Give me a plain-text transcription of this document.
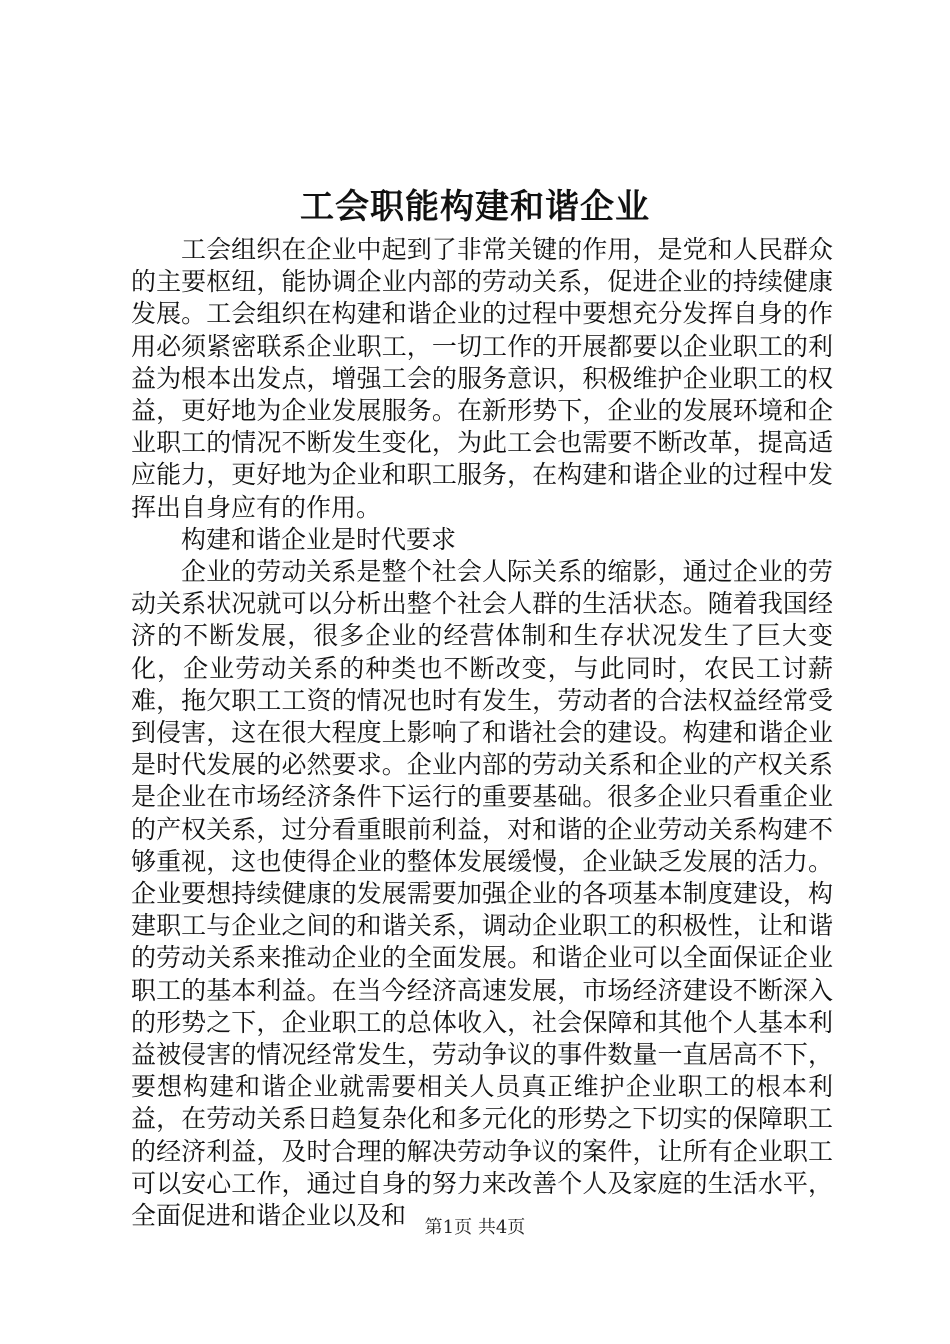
工会职能构建和谐企业

工会组织在企业中起到了非常关键的作用，是党和人民群众的主要枢纽，能协调企业内部的劳动关系，促进企业的持续健康发展。工会组织在构建和谐企业的过程中要想充分发挥自身的作用必须紧密联系企业职工，一切工作的开展都要以企业职工的利益为根本出发点，增强工会的服务意识，积极维护企业职工的权益，更好地为企业发展服务。在新形势下，企业的发展环境和企业职工的情况不断发生变化，为此工会也需要不断改革，提高适应能力，更好地为企业和职工服务，在构建和谐企业的过程中发挥出自身应有的作用。

构建和谐企业是时代要求

企业的劳动关系是整个社会人际关系的缩影，通过企业的劳动关系状况就可以分析出整个社会人群的生活状态。随着我国经济的不断发展，很多企业的经营体制和生存状况发生了巨大变化，企业劳动关系的种类也不断改变，与此同时，农民工讨薪难，拖欠职工工资的情况也时有发生，劳动者的合法权益经常受到侵害，这在很大程度上影响了和谐社会的建设。构建和谐企业是时代发展的必然要求。企业内部的劳动关系和企业的产权关系是企业在市场经济条件下运行的重要基础。很多企业只看重企业的产权关系，过分看重眼前利益，对和谐的企业劳动关系构建不够重视，这也使得企业的整体发展缓慢，企业缺乏发展的活力。企业要想持续健康的发展需要加强企业的各项基本制度建设，构建职工与企业之间的和谐关系，调动企业职工的积极性，让和谐的劳动关系来推动企业的全面发展。和谐企业可以全面保证企业职工的基本利益。在当今经济高速发展，市场经济建设不断深入的形势之下，企业职工的总体收入，社会保障和其他个人基本利益被侵害的情况经常发生，劳动争议的事件数量一直居高不下，要想构建和谐企业就需要相关人员真正维护企业职工的根本利益，在劳动关系日趋复杂化和多元化的形势之下切实的保障职工的经济利益，及时合理的解决劳动争议的案件，让所有企业职工可以安心工作，通过自身的努力来改善个人及家庭的生活水平，全面促进和谐企业以及和	第1页 共4页
